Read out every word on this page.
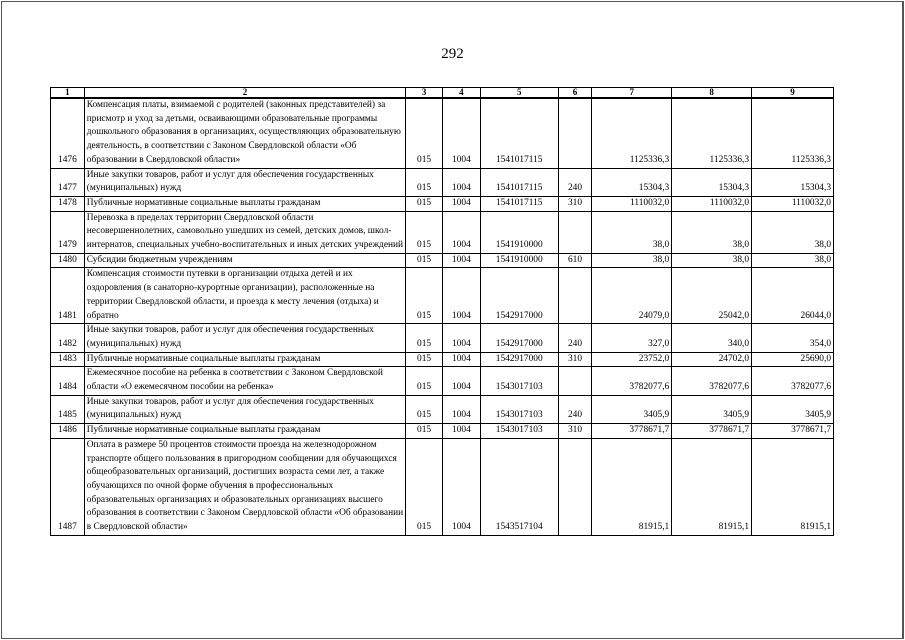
292
1	2	3	4	5	6	7	8	9
1476	Компенсация платы, взимаемой с родителей (законных представителей) за присмотр и уход за детьми, осваивающими образовательные программы дошкольного образования в организациях, осуществляющих образовательную деятельность, в соответствии с Законом Свердловской области «Об образовании в Свердловской области»	015	1004	1541017115		1125336,3	1125336,3	1125336,3
1477	Иные закупки товаров, работ и услуг для обеспечения государственных (муниципальных) нужд	015	1004	1541017115	240	15304,3	15304,3	15304,3
1478	Публичные нормативные социальные выплаты гражданам	015	1004	1541017115	310	1110032,0	1110032,0	1110032,0
1479	Перевозка в пределах территории Свердловской области несовершеннолетних, самовольно ушедших из семей, детских домов, школ-интернатов, специальных учебно-воспитательных и иных детских учреждений	015	1004	1541910000		38,0	38,0	38,0
1480	Субсидии бюджетным учреждениям	015	1004	1541910000	610	38,0	38,0	38,0
1481	Компенсация стоимости путевки в организации отдыха детей и их оздоровления (в санаторно-курортные организации), расположенные на территории Свердловской области, и проезда к месту лечения (отдыха) и обратно	015	1004	1542917000		24079,0	25042,0	26044,0
1482	Иные закупки товаров, работ и услуг для обеспечения государственных (муниципальных) нужд	015	1004	1542917000	240	327,0	340,0	354,0
1483	Публичные нормативные социальные выплаты гражданам	015	1004	1542917000	310	23752,0	24702,0	25690,0
1484	Ежемесячное пособие на ребенка в соответствии с Законом Свердловской области «О ежемесячном пособии на ребенка»	015	1004	1543017103		3782077,6	3782077,6	3782077,6
1485	Иные закупки товаров, работ и услуг для обеспечения государственных (муниципальных) нужд	015	1004	1543017103	240	3405,9	3405,9	3405,9
1486	Публичные нормативные социальные выплаты гражданам	015	1004	1543017103	310	3778671,7	3778671,7	3778671,7
1487	Оплата в размере 50 процентов стоимости проезда на железнодорожном транспорте общего пользования в пригородном сообщении для обучающихся общеобразовательных организаций, достигших возраста семи лет, а также обучающихся по очной форме обучения в профессиональных образовательных организациях и образовательных организациях высшего образования в соответствии с Законом Свердловской области «Об образовании в Свердловской области»	015	1004	1543517104		81915,1	81915,1	81915,1
